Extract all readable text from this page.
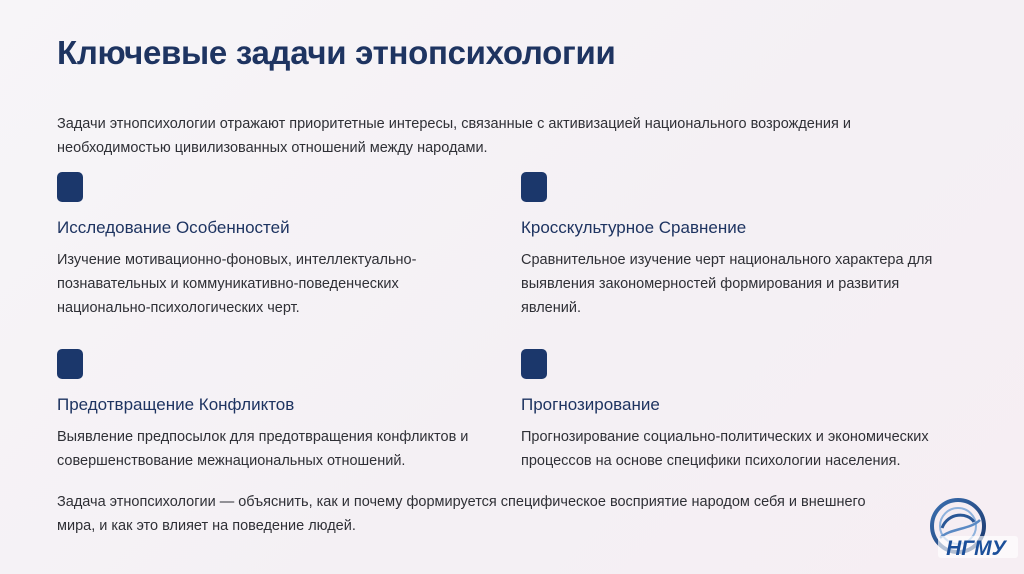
Ключевые задачи этнопсихологии
Задачи этнопсихологии отражают приоритетные интересы, связанные с активизацией национального возрождения и необходимостью цивилизованных отношений между народами.
Исследование Особенностей
Изучение мотивационно-фоновых, интеллектуально-познавательных и коммуникативно-поведенческих национально-психологических черт.
Кросскультурное Сравнение
Сравнительное изучение черт национального характера для выявления закономерностей формирования и развития явлений.
Предотвращение Конфликтов
Выявление предпосылок для предотвращения конфликтов и совершенствование межнациональных отношений.
Прогнозирование
Прогнозирование социально-политических и экономических процессов на основе специфики психологии населения.
Задача этнопсихологии — объяснить, как и почему формируется специфическое восприятие народом себя и внешнего мира, и как это влияет на поведение людей.
НГМУ
